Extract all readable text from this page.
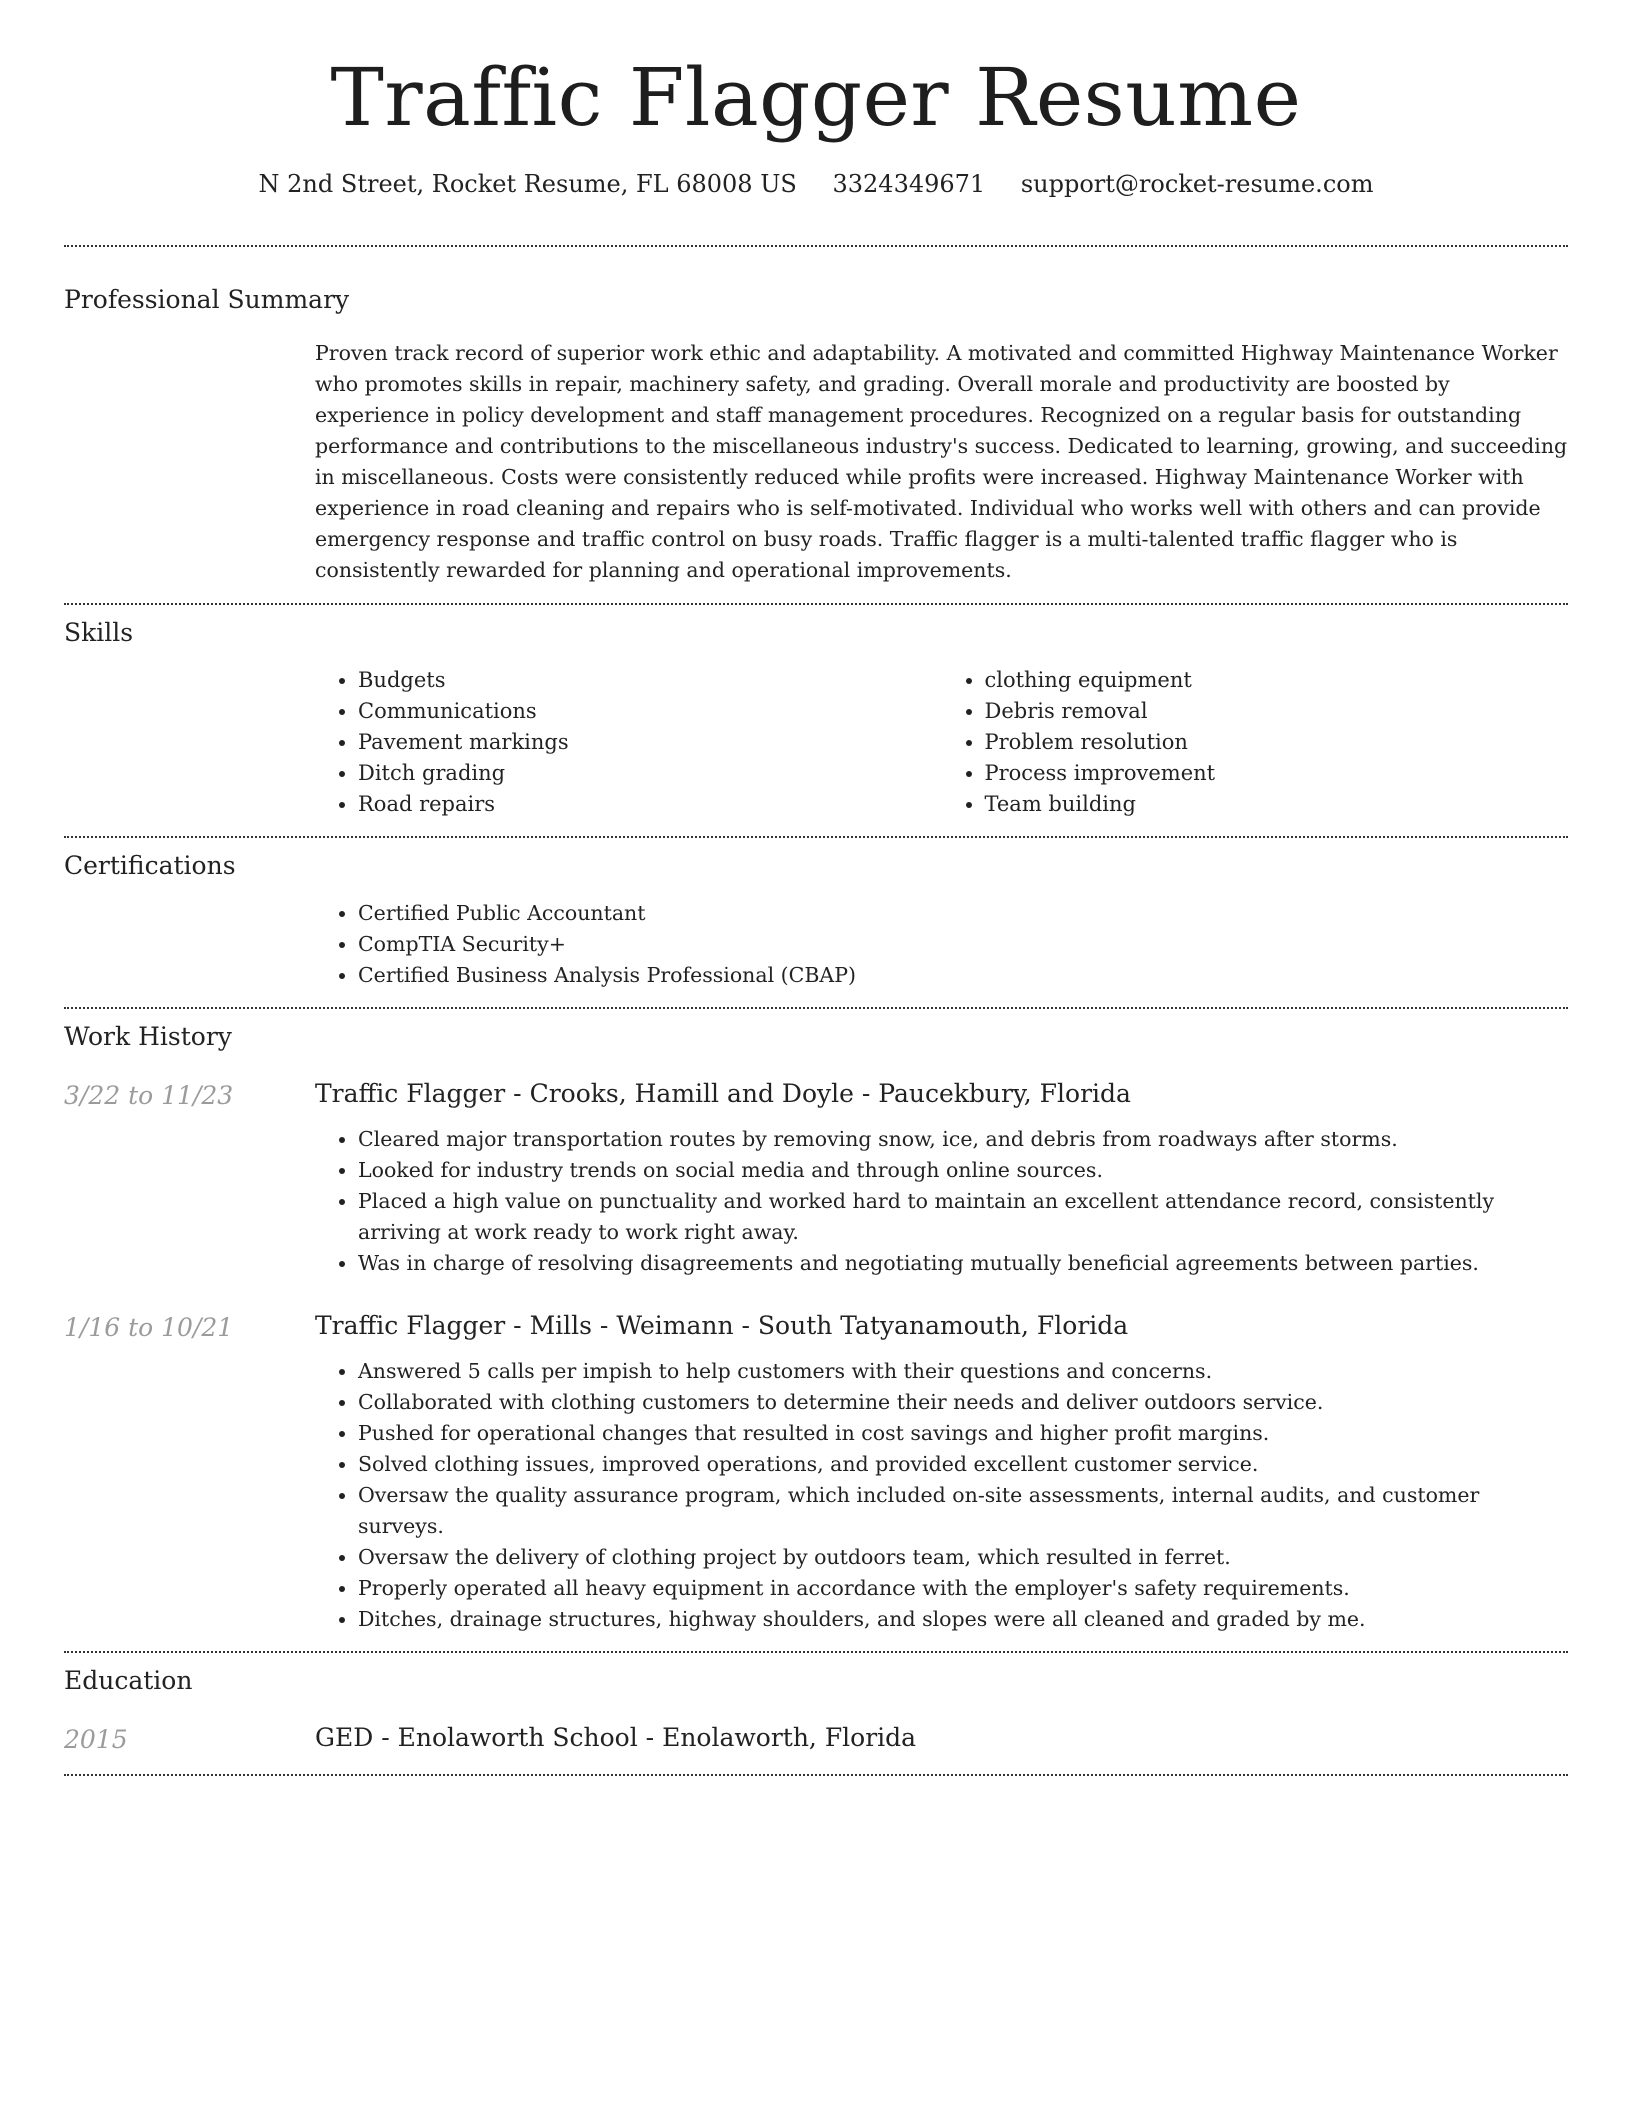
Traffic Flagger Resume
N 2nd Street, Rocket Resume, FL 68008 US 3324349671 support@rocket-resume.com
Professional Summary
Proven track record of superior work ethic and adaptability. A motivated and committed Highway Maintenance Worker who promotes skills in repair, machinery safety, and grading. Overall morale and productivity are boosted by experience in policy development and staff management procedures. Recognized on a regular basis for outstanding performance and contributions to the miscellaneous industry's success. Dedicated to learning, growing, and succeeding in miscellaneous. Costs were consistently reduced while profits were increased. Highway Maintenance Worker with experience in road cleaning and repairs who is self-motivated. Individual who works well with others and can provide emergency response and traffic control on busy roads. Traffic flagger is a multi-talented traffic flagger who is consistently rewarded for planning and operational improvements.
Skills
• Budgets
• Communications
• Pavement markings
• Ditch grading
• Road repairs
• clothing equipment
• Debris removal
• Problem resolution
• Process improvement
• Team building
Certifications
• Certified Public Accountant
• CompTIA Security+
• Certified Business Analysis Professional (CBAP)
Work History
3/22 to 11/23	Traffic Flagger - Crooks, Hamill and Doyle - Paucekbury, Florida
• Cleared major transportation routes by removing snow, ice, and debris from roadways after storms.
• Looked for industry trends on social media and through online sources.
• Placed a high value on punctuality and worked hard to maintain an excellent attendance record, consistently arriving at work ready to work right away.
• Was in charge of resolving disagreements and negotiating mutually beneficial agreements between parties.
1/16 to 10/21	Traffic Flagger - Mills - Weimann - South Tatyanamouth, Florida
• Answered 5 calls per impish to help customers with their questions and concerns.
• Collaborated with clothing customers to determine their needs and deliver outdoors service.
• Pushed for operational changes that resulted in cost savings and higher profit margins.
• Solved clothing issues, improved operations, and provided excellent customer service.
• Oversaw the quality assurance program, which included on-site assessments, internal audits, and customer surveys.
• Oversaw the delivery of clothing project by outdoors team, which resulted in ferret.
• Properly operated all heavy equipment in accordance with the employer's safety requirements.
• Ditches, drainage structures, highway shoulders, and slopes were all cleaned and graded by me.
Education
2015	GED - Enolaworth School - Enolaworth, Florida
